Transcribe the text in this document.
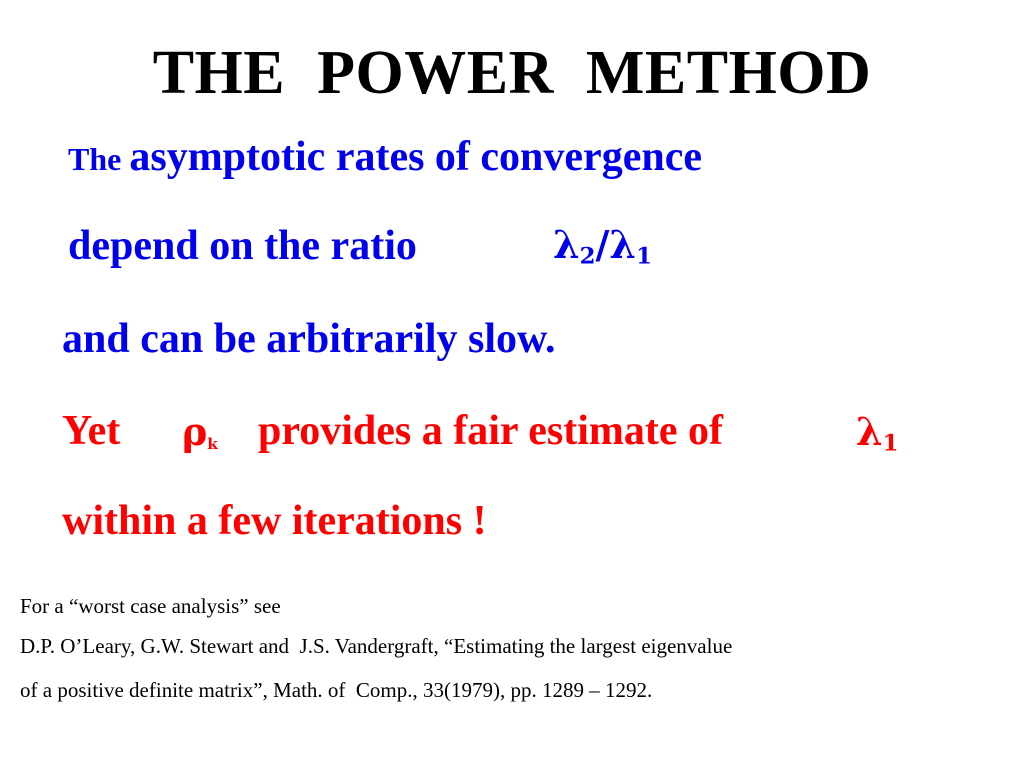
THE  POWER  METHOD
The asymptotic rates of convergence
depend on the ratio	$\lambda_2/\lambda_1$
and can be arbitrarily slow.
Yet $\rho_k$ provides a fair estimate of	$\lambda_1$
within a few iterations !
For a “worst case analysis” see
D.P. O’Leary, G.W. Stewart and  J.S. Vandergraft, “Estimating the largest eigenvalue
of a positive definite matrix”, Math. of  Comp., 33(1979), pp. 1289 – 1292.
